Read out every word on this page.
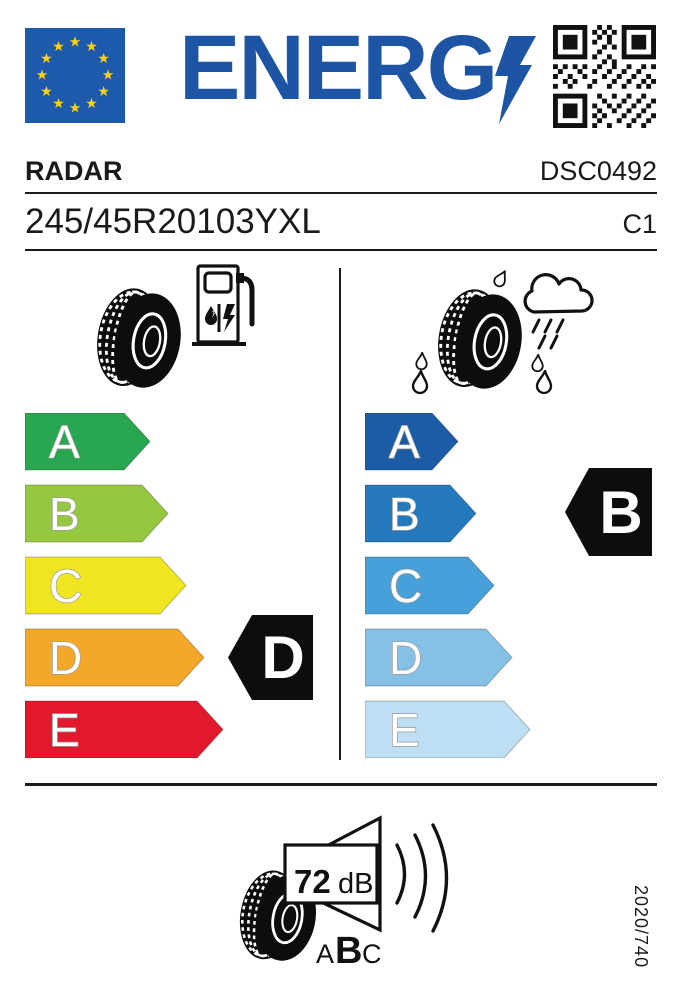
★ ★
★
★
★
★
★
★
★
★
★
★ ENERG
RADAR	DSC0492
245/45R20103YXL	C1
A
B
C
D
E
D
A
B
C
D
E
B
72 dB
A B C	2020/740
